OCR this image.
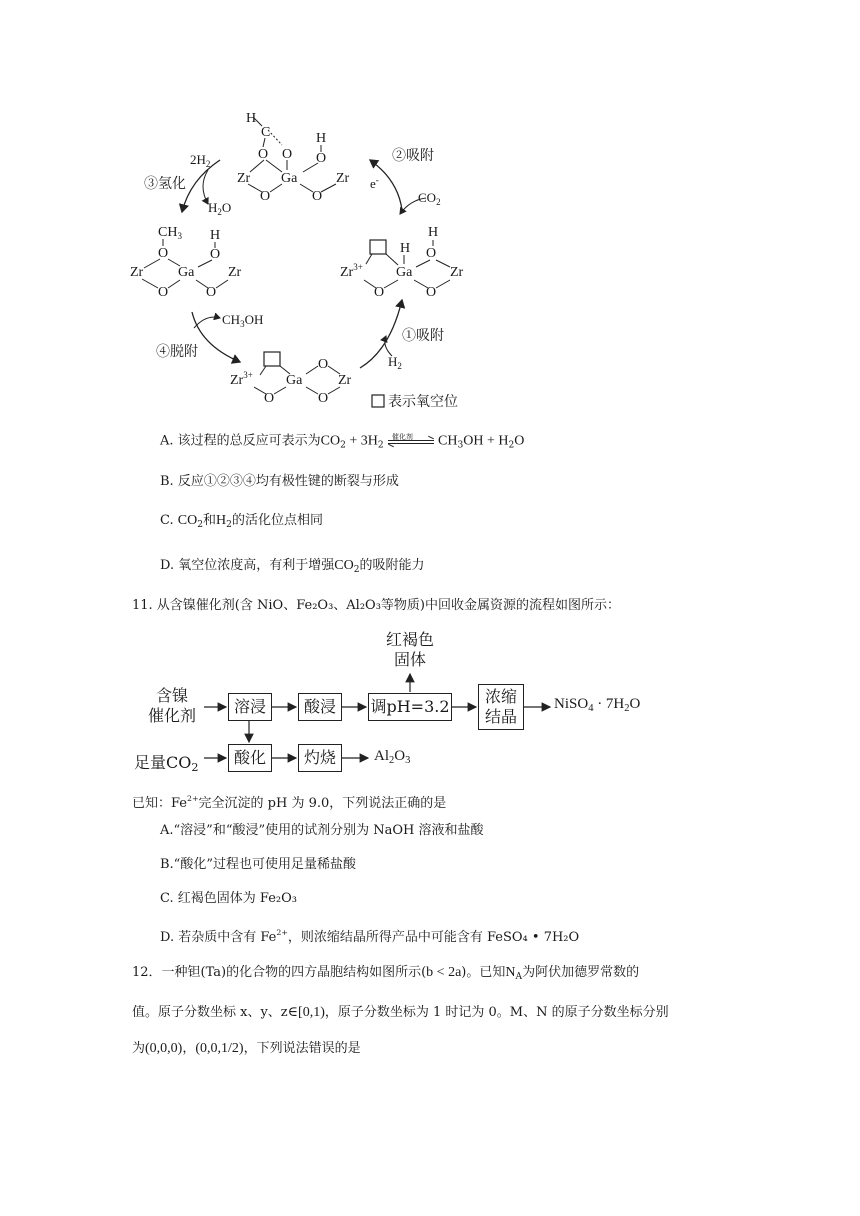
H
C
O O
Zr Ga	Zr
O	O
H
O
$CH_3$
O
Zr Ga Zr
O	O
H
O	H
H
O
$Zr^{3+}$ Ga	Zr
O	O
O
$Zr^{3+}$ Ga	Zr
O	O
$2H_2$
③氢化
$H_2O$
②吸附
e-
$CO_2$
$CH_3OH$
④脱附
①吸附
$H_2$
表示氧空位
A. 该过程的总反应可表示为$CO_2 + 3H_2$
催化剂 $CH_3OH + H_2O$
B. 反应①②③④均有极性键的断裂与形成
C. $CO_2$和$H_2$的活化位点相同
D. 氧空位浓度高，有利于增强$CO_2$的吸附能力
11. 从含镍催化剂(含 NiO、Fe₂O₃、Al₂O₃等物质)中回收金属资源的流程如图所示：
红褐色
固体
含镍
催化剂	溶浸	酸浸	调pH=3.2
浓缩
结晶
NiSO$_4$ · $7H_2O$
足量$CO_2$
酸化	灼烧	$Al_2O_3$
已知：$Fe^{2+}$完全沉淀的 pH 为 9.0，下列说法正确的是
A.“溶浸”和“酸浸”使用的试剂分别为 NaOH 溶液和盐酸
B.“酸化”过程也可使用足量稀盐酸
C. 红褐色固体为 Fe₂O₃
D. 若杂质中含有 $Fe^{2+}$，则浓缩结晶所得产品中可能含有 FeSO₄ • 7H₂O
12．一种钽(Ta)的化合物的四方晶胞结构如图所示(b < 2a)。已知$N_A$为阿伏加德罗常数的
值。原子分数坐标 x、y、z∈[0,1)，原子分数坐标为 1 时记为 0。M、N 的原子分数坐标分别
为(0,0,0)，(0,0,1/2)，下列说法错误的是
